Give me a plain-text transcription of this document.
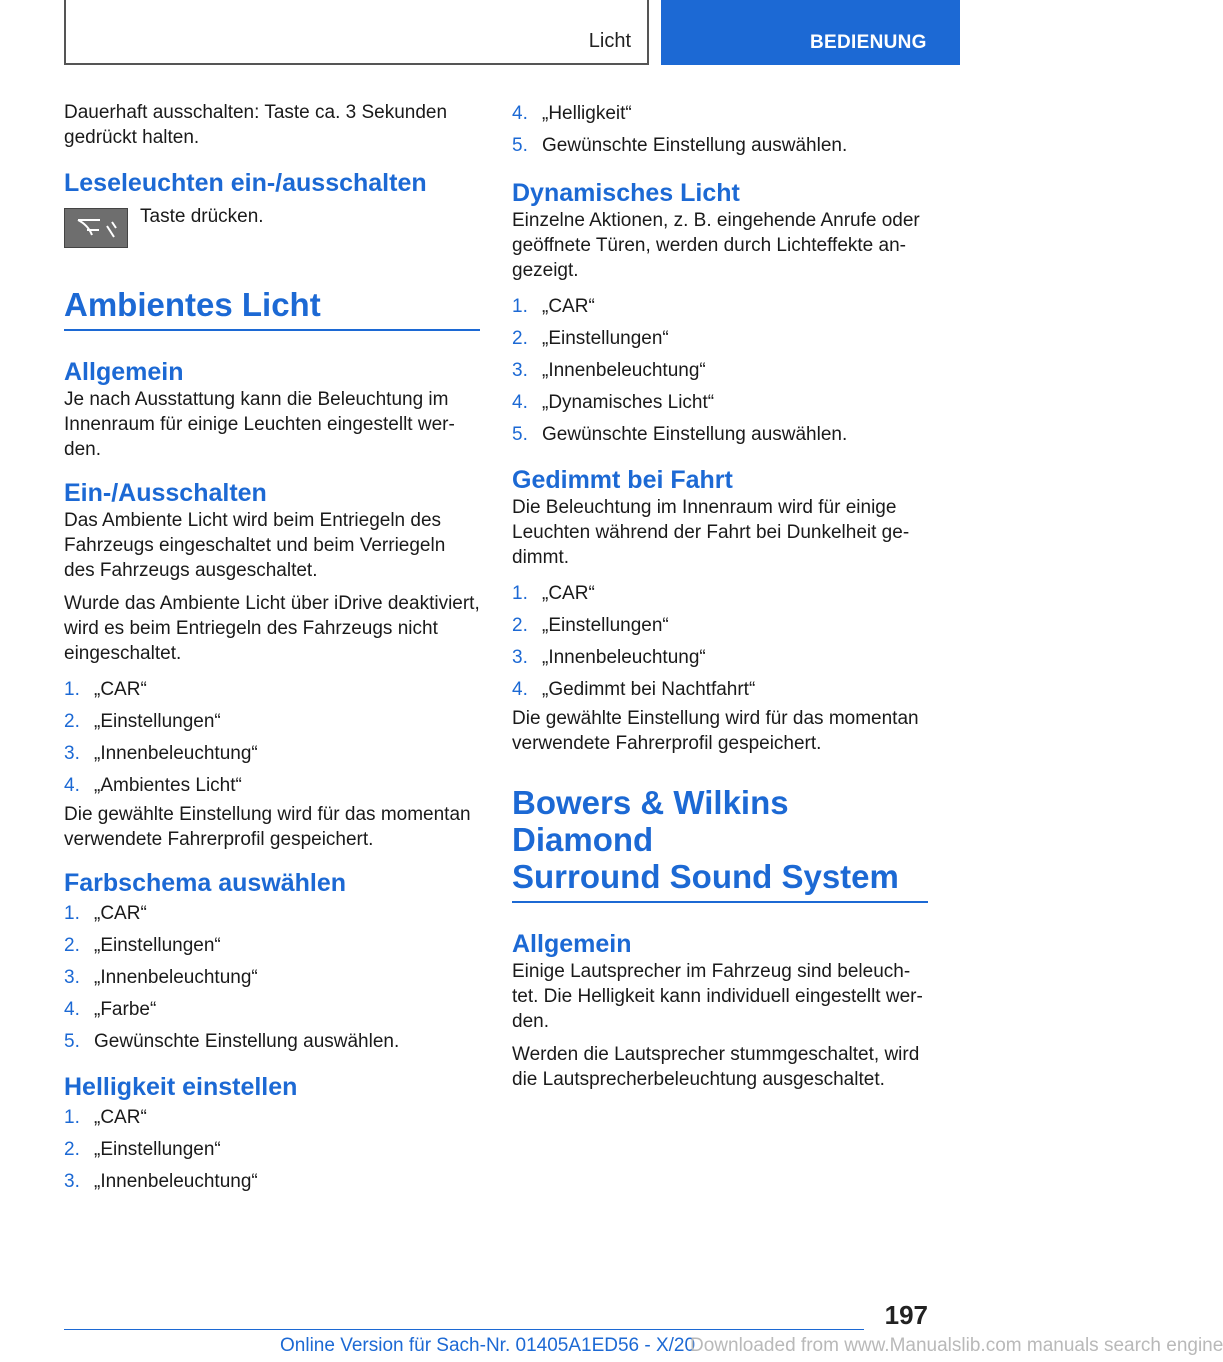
Licht	BEDIENUNG

Dauerhaft ausschalten: Taste ca. 3 Sekunden gedrückt halten.

Leseleuchten ein-/ausschalten
Taste drücken.
Ambientes Licht
Allgemein

Je nach Ausstattung kann die Beleuchtung im Innenraum für einige Leuchten eingestellt werden.

Ein-/Ausschalten

Das Ambiente Licht wird beim Entriegeln des Fahrzeugs eingeschaltet und beim Verriegeln des Fahrzeugs ausgeschaltet.

Wurde das Ambiente Licht über iDrive deaktiviert, wird es beim Entriegeln des Fahrzeugs nicht eingeschaltet.

1. „CAR“
2. „Einstellungen“
3. „Innenbeleuchtung“
4. „Ambientes Licht“

Die gewählte Einstellung wird für das momentan verwendete Fahrerprofil gespeichert.

Farbschema auswählen
1. „CAR“
2. „Einstellungen“
3. „Innenbeleuchtung“
4. „Farbe“
5. Gewünschte Einstellung auswählen.
Helligkeit einstellen
1. „CAR“
2. „Einstellungen“
3. „Innenbeleuchtung“
4. „Helligkeit“
5. Gewünschte Einstellung auswählen.
Dynamisches Licht

Einzelne Aktionen, z. B. eingehende Anrufe oder geöffnete Türen, werden durch Lichteffekte angezeigt.

1. „CAR“
2. „Einstellungen“
3. „Innenbeleuchtung“
4. „Dynamisches Licht“
5. Gewünschte Einstellung auswählen.
Gedimmt bei Fahrt

Die Beleuchtung im Innenraum wird für einige Leuchten während der Fahrt bei Dunkelheit gedimmt.

1. „CAR“
2. „Einstellungen“
3. „Innenbeleuchtung“
4. „Gedimmt bei Nachtfahrt“

Die gewählte Einstellung wird für das momentan verwendete Fahrerprofil gespeichert.

Bowers & Wilkins Diamond
Surround Sound System
Allgemein

Einige Lautsprecher im Fahrzeug sind beleuchtet. Die Helligkeit kann individuell eingestellt werden.

Werden die Lautsprecher stummgeschaltet, wird die Lautsprecherbeleuchtung ausgeschaltet.

197
Online Version für Sach-Nr. 01405A1ED56 - X/20
Downloaded from www.Manualslib.com manuals search engine
